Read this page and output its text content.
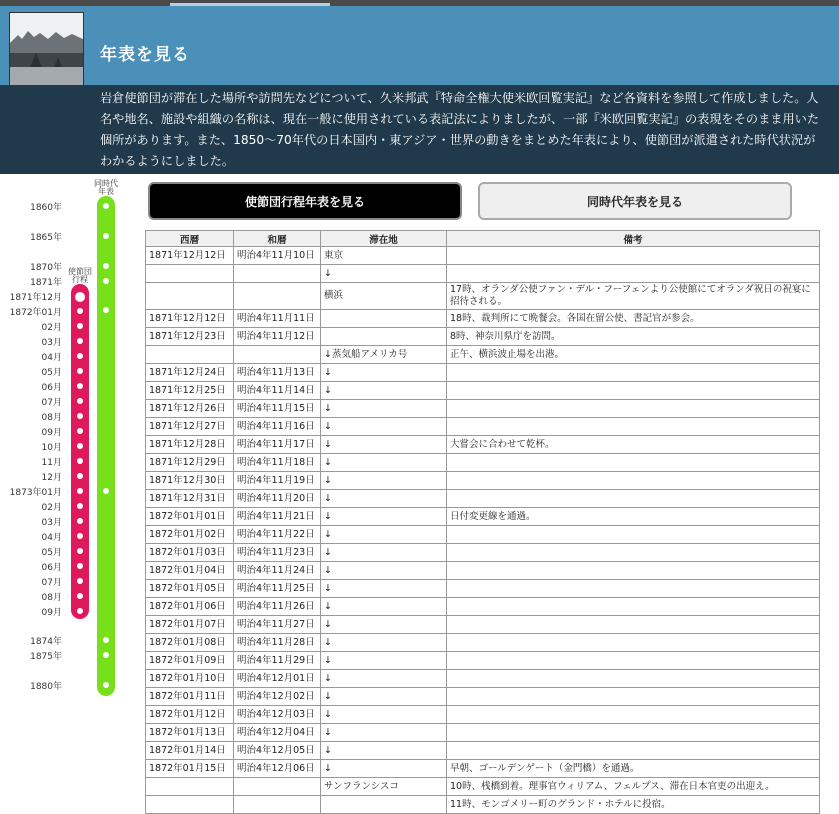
年表を見る
岩倉使節団が滞在した場所や訪問先などについて、久米邦武『特命全権大使米欧回覧実記』など各資料を参照して作成しました。人名や地名、施設や組織の名称は、現在一般に使用されている表記法によりましたが、一部『米欧回覧実記』の表現をそのまま用いた個所があります。また、1850〜70年代の日本国内・東アジア・世界の動きをまとめた年表により、使節団が派遣された時代状況がわかるようにしました。
同時代
年表
使節団
行程
1860年
1865年
1870年
1871年
1874年
1875年
1880年
1871年12月
1872年01月
02月
03月
04月
05月
06月
07月
08月
09月
10月
11月
12月
1873年01月
02月
03月
04月
05月
06月
07月
08月
09月
使節団行程年表を見る	同時代年表を見る
西暦	和暦	滞在地	備考
1871年12月12日	明治4年11月10日	東京	
		↓	
		横浜	17時、オランダ公使ファン・デル・フーフェンより公使館にてオランダ祝日の祝宴に招待される。
1871年12月12日	明治4年11月11日		18時、裁判所にて晩餐会。各国在留公使、書記官が参会。
1871年12月23日	明治4年11月12日		8時、神奈川県庁を訪問。
		↓蒸気船アメリカ号	正午、横浜波止場を出港。
1871年12月24日	明治4年11月13日	↓	
1871年12月25日	明治4年11月14日	↓	
1871年12月26日	明治4年11月15日	↓	
1871年12月27日	明治4年11月16日	↓	
1871年12月28日	明治4年11月17日	↓	大嘗会に合わせて乾杯。
1871年12月29日	明治4年11月18日	↓	
1871年12月30日	明治4年11月19日	↓	
1871年12月31日	明治4年11月20日	↓	
1872年01月01日	明治4年11月21日	↓	日付変更線を通過。
1872年01月02日	明治4年11月22日	↓	
1872年01月03日	明治4年11月23日	↓	
1872年01月04日	明治4年11月24日	↓	
1872年01月05日	明治4年11月25日	↓	
1872年01月06日	明治4年11月26日	↓	
1872年01月07日	明治4年11月27日	↓	
1872年01月08日	明治4年11月28日	↓	
1872年01月09日	明治4年11月29日	↓	
1872年01月10日	明治4年12月01日	↓	
1872年01月11日	明治4年12月02日	↓	
1872年01月12日	明治4年12月03日	↓	
1872年01月13日	明治4年12月04日	↓	
1872年01月14日	明治4年12月05日	↓	
1872年01月15日	明治4年12月06日	↓	早朝、ゴールデンゲート（金門橋）を通過。
		サンフランシスコ	10時、桟橋到着。理事官ウィリアム、フェルプス、滞在日本官吏の出迎え。
			11時、モンゴメリー町のグランド・ホテルに投宿。
